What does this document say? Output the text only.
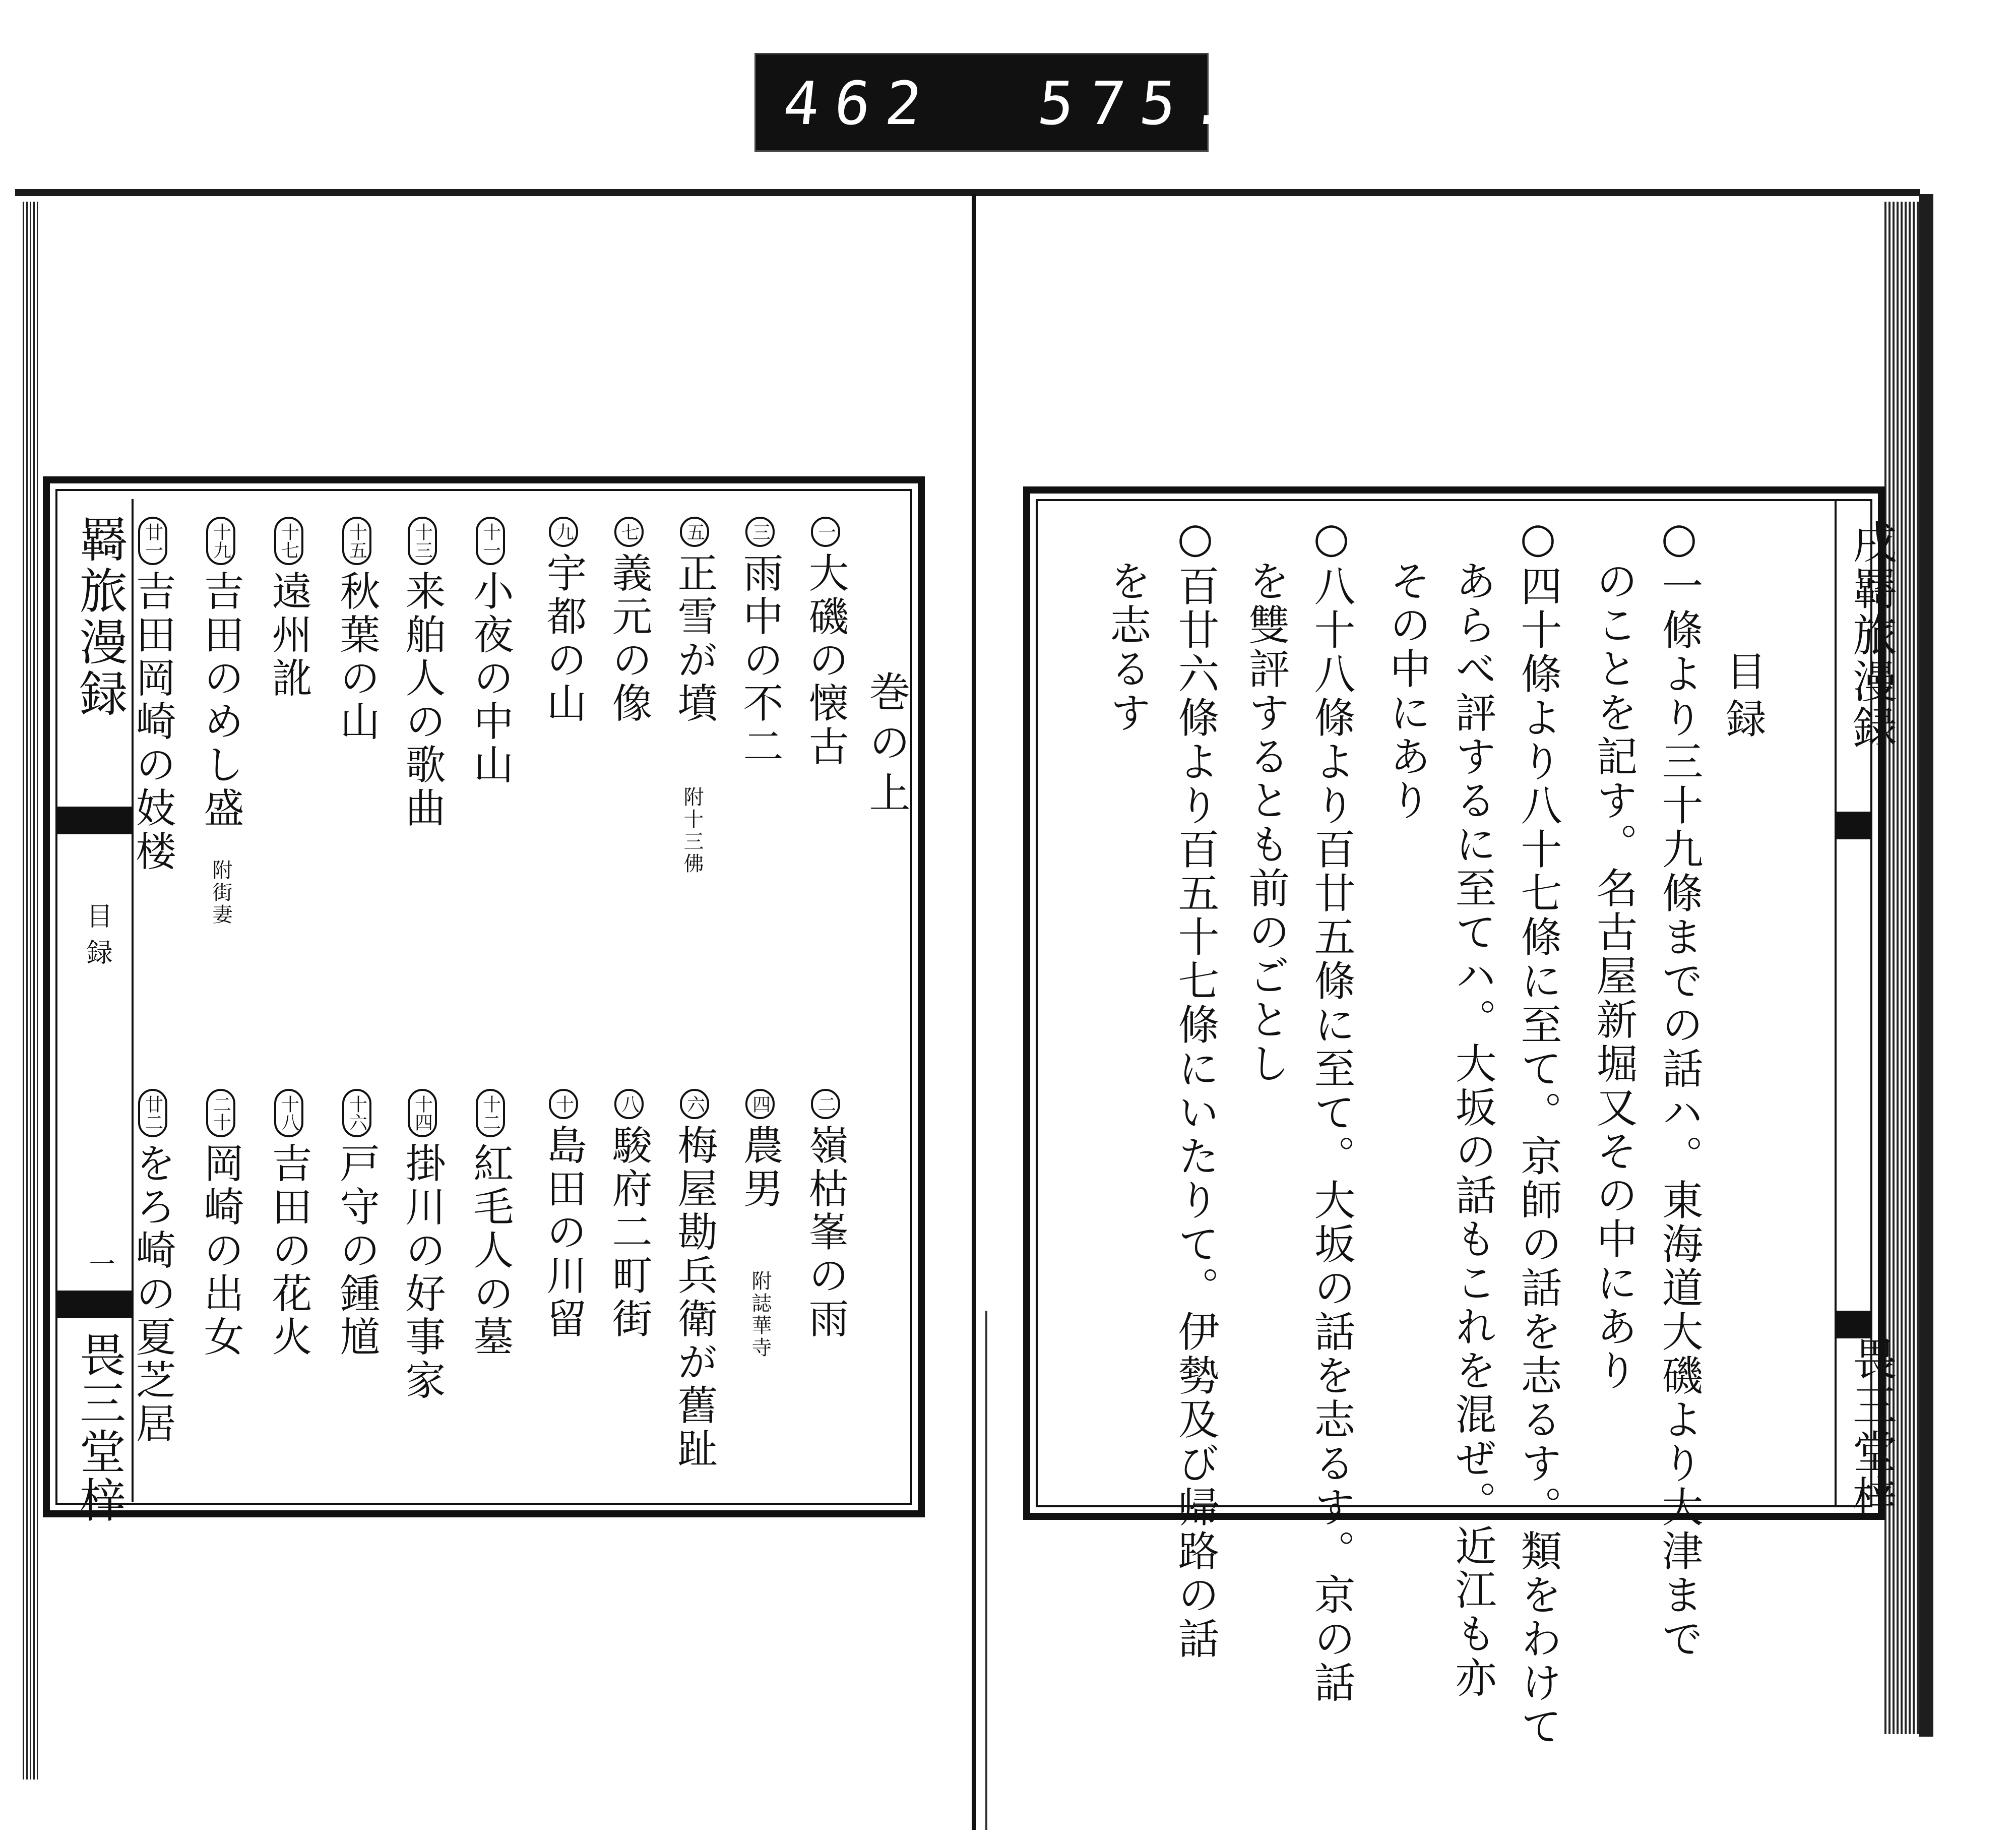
462 575.
羇旅漫録
目録
一
畏三堂梓
巻の上
一
大磯の懐古
三
雨中の不二
五
正雪が墳
附十三佛
七
義元の像
九
宇都の山
十一
小夜の中山
十三
来舶人の歌曲
十五
秋葉の山
十七
遠州訛
十九
吉田のめし盛
附街妻
廿一
吉田岡崎の妓楼
二
嶺枯峯の雨
四
農男
附誌華寺
六
梅屋勘兵衛が舊趾
八
駿府二町街
十
島田の川留
十二
紅毛人の墓
十四
掛川の好事家
十六
戸守の鍾馗
十八
吉田の花火
二十
岡崎の出女
廿二
をろ崎の夏芝居
戌羇旅漫録
畏三堂梓
目録
○一條より三十九條までの話ハ。東海道大磯より大津まで
のことを記す。名古屋新堀又その中にあり
○四十條より八十七條に至て。京師の話を志るす。類をわけて
あらべ評するに至てハ。大坂の話もこれを混ぜ。近江も亦
その中にあり
○八十八條より百廿五條に至て。大坂の話を志るす。京の話
を雙評するとも前のごとし
○百廿六條より百五十七條にいたりて。伊勢及び帰路の話
を志るす
